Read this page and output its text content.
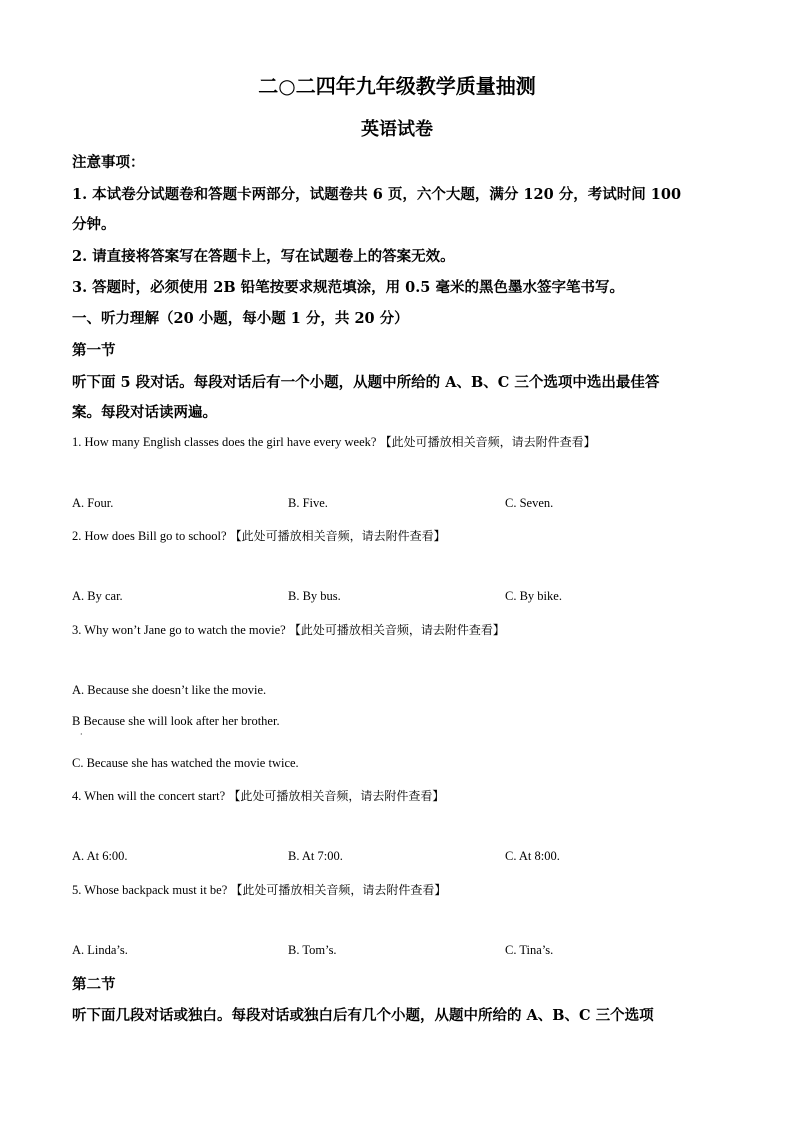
二○二四年九年级教学质量抽测
英语试卷
注意事项：
1. 本试卷分试题卷和答题卡两部分，试题卷共 6 页，六个大题，满分 120 分，考试时间 100
分钟。
2. 请直接将答案写在答题卡上，写在试题卷上的答案无效。
3. 答题时，必须使用 2B 铅笔按要求规范填涂，用 0.5 毫米的黑色墨水签字笔书写。
一、听力理解（20 小题，每小题 1 分，共 20 分）
第一节
听下面 5 段对话。每段对话后有一个小题，从题中所给的 A、B、C 三个选项中选出最佳答
案。每段对话读两遍。
1. How many English classes does the girl have every week? 【此处可播放相关音频，请去附件查看】
A. Four.	B. Five.	C. Seven.
2. How does Bill go to school? 【此处可播放相关音频，请去附件查看】
A. By car.	B. By bus.	C. By bike.
3. Why won’t Jane go to watch the movie? 【此处可播放相关音频，请去附件查看】
A. Because she doesn’t like the movie.
B Because she will look after her brother.
·
C. Because she has watched the movie twice.
4. When will the concert start? 【此处可播放相关音频，请去附件查看】
A. At 6:00.	B. At 7:00.	C. At 8:00.
5. Whose backpack must it be? 【此处可播放相关音频，请去附件查看】
A. Linda’s.	B. Tom’s.	C. Tina’s.
第二节
听下面几段对话或独白。每段对话或独白后有几个小题，从题中所给的 A、B、C 三个选项
